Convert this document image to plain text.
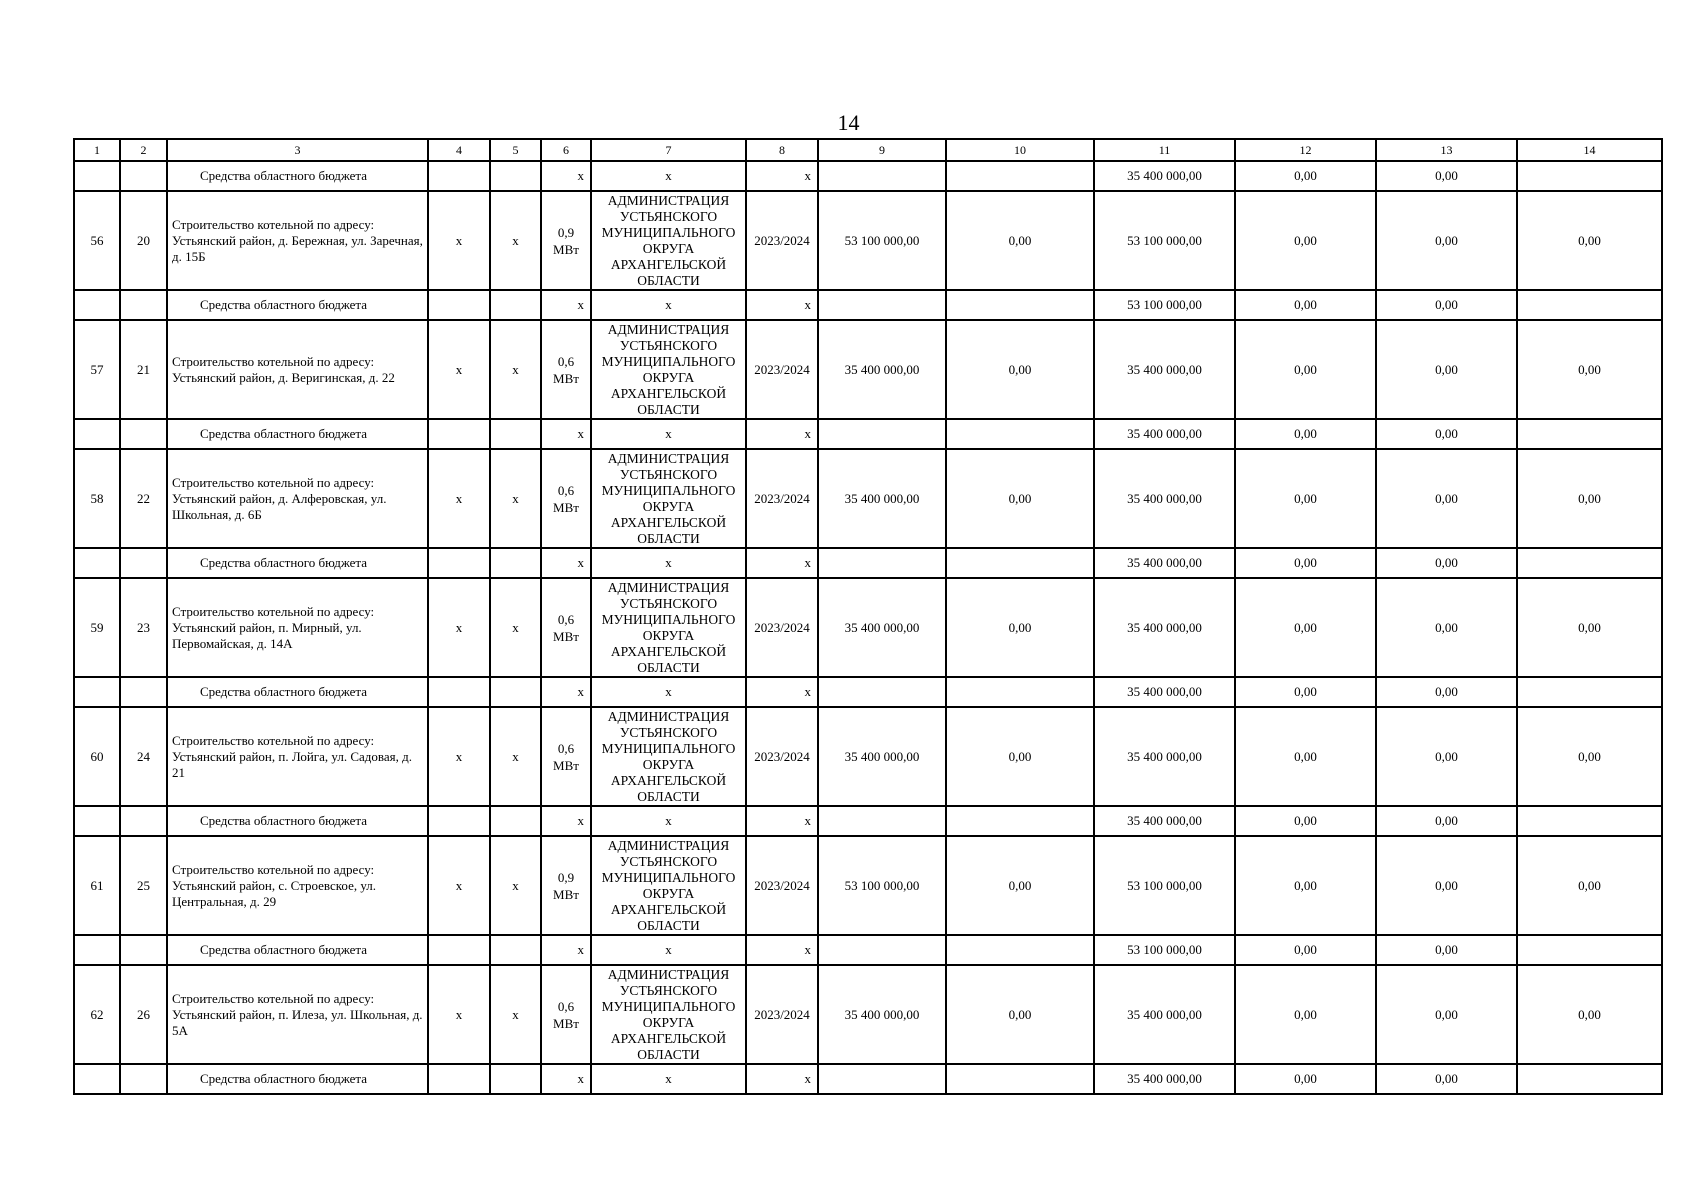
14
1	2	3	4	5	6	7	8	9	10	11	12	13	14
		Средства областного бюджета			x	x	x			35 400 000,00	0,00	0,00	
56	20	Строительство котельной по адресу: Устьянский район, д. Бережная, ул. Заречная, д. 15Б	x	x	0,9 МВт	АДМИНИСТРАЦИЯ УСТЬЯНСКОГО МУНИЦИПАЛЬНОГО ОКРУГА АРХАНГЕЛЬСКОЙ ОБЛАСТИ	2023/2024	53 100 000,00	0,00	53 100 000,00	0,00	0,00	0,00
		Средства областного бюджета			x	x	x			53 100 000,00	0,00	0,00	
57	21	Строительство котельной по адресу: Устьянский район, д. Веригинская, д. 22	x	x	0,6 МВт	АДМИНИСТРАЦИЯ УСТЬЯНСКОГО МУНИЦИПАЛЬНОГО ОКРУГА АРХАНГЕЛЬСКОЙ ОБЛАСТИ	2023/2024	35 400 000,00	0,00	35 400 000,00	0,00	0,00	0,00
		Средства областного бюджета			x	x	x			35 400 000,00	0,00	0,00	
58	22	Строительство котельной по адресу: Устьянский район, д. Алферовская, ул. Школьная, д. 6Б	x	x	0,6 МВт	АДМИНИСТРАЦИЯ УСТЬЯНСКОГО МУНИЦИПАЛЬНОГО ОКРУГА АРХАНГЕЛЬСКОЙ ОБЛАСТИ	2023/2024	35 400 000,00	0,00	35 400 000,00	0,00	0,00	0,00
		Средства областного бюджета			x	x	x			35 400 000,00	0,00	0,00	
59	23	Строительство котельной по адресу: Устьянский район, п. Мирный, ул. Первомайская, д. 14А	x	x	0,6 МВт	АДМИНИСТРАЦИЯ УСТЬЯНСКОГО МУНИЦИПАЛЬНОГО ОКРУГА АРХАНГЕЛЬСКОЙ ОБЛАСТИ	2023/2024	35 400 000,00	0,00	35 400 000,00	0,00	0,00	0,00
		Средства областного бюджета			x	x	x			35 400 000,00	0,00	0,00	
60	24	Строительство котельной по адресу: Устьянский район, п. Лойга, ул. Садовая, д. 21	x	x	0,6 МВт	АДМИНИСТРАЦИЯ УСТЬЯНСКОГО МУНИЦИПАЛЬНОГО ОКРУГА АРХАНГЕЛЬСКОЙ ОБЛАСТИ	2023/2024	35 400 000,00	0,00	35 400 000,00	0,00	0,00	0,00
		Средства областного бюджета			x	x	x			35 400 000,00	0,00	0,00	
61	25	Строительство котельной по адресу: Устьянский район, с. Строевское, ул. Центральная, д. 29	x	x	0,9 МВт	АДМИНИСТРАЦИЯ УСТЬЯНСКОГО МУНИЦИПАЛЬНОГО ОКРУГА АРХАНГЕЛЬСКОЙ ОБЛАСТИ	2023/2024	53 100 000,00	0,00	53 100 000,00	0,00	0,00	0,00
		Средства областного бюджета			x	x	x			53 100 000,00	0,00	0,00	
62	26	Строительство котельной по адресу: Устьянский район, п. Илеза, ул. Школьная, д. 5А	x	x	0,6 МВт	АДМИНИСТРАЦИЯ УСТЬЯНСКОГО МУНИЦИПАЛЬНОГО ОКРУГА АРХАНГЕЛЬСКОЙ ОБЛАСТИ	2023/2024	35 400 000,00	0,00	35 400 000,00	0,00	0,00	0,00
		Средства областного бюджета			x	x	x			35 400 000,00	0,00	0,00	
